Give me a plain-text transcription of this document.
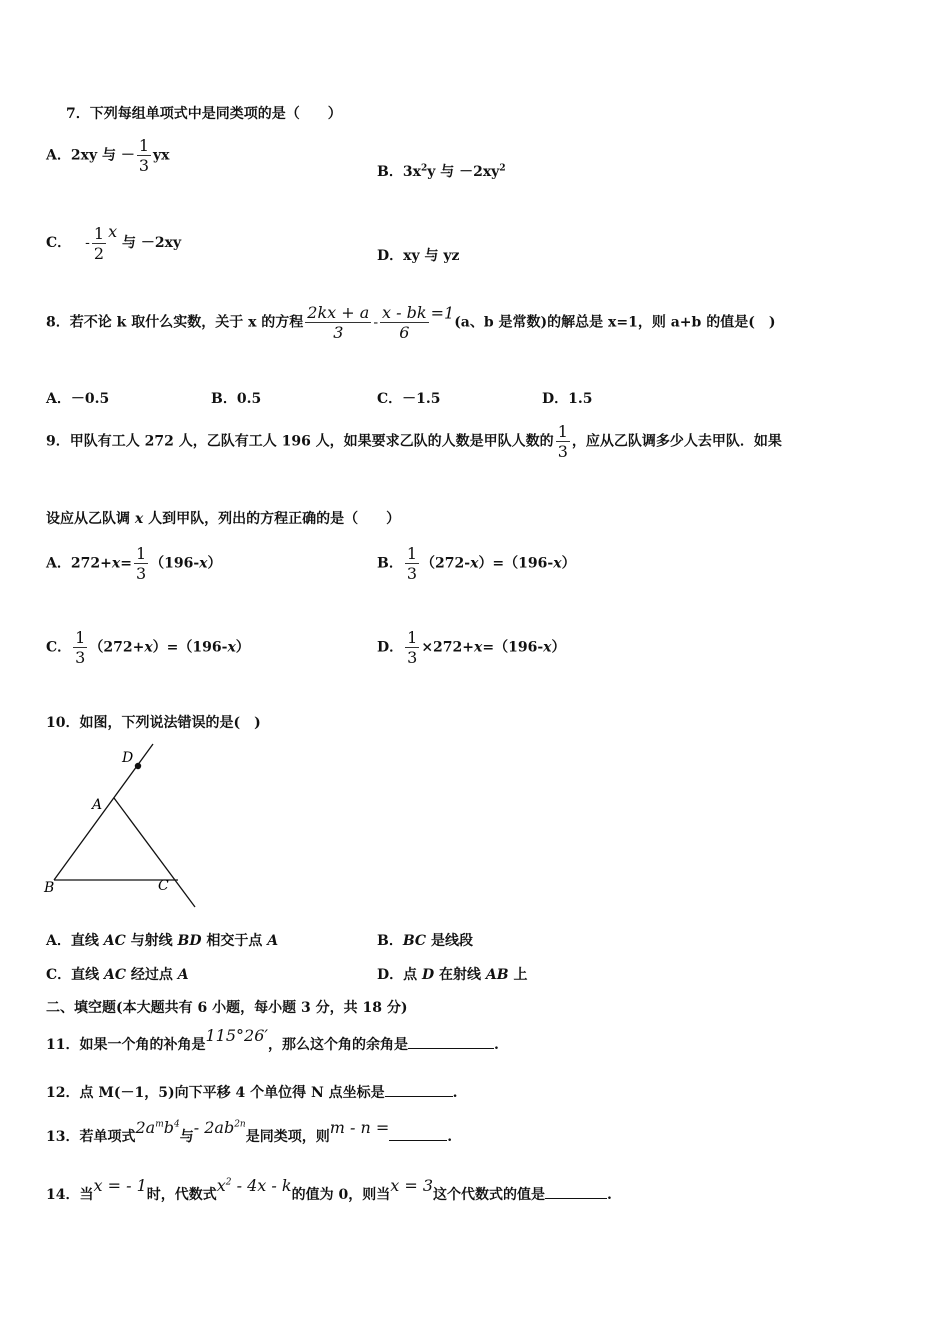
7．下列每组单项式中是同类项的是（　　）
A．2xy 与 － $\frac{1}{3}$ yx
B．$3x^2y$ 与 $-2xy^2$
C． - $\frac{1}{2}$ x 与 －2xy
D．xy 与 yz
8．若不论 k 取什么实数，关于 x 的方程 $\frac{2kx + a}{3} - \frac{x - bk}{6} =1(a$、b 是常数)的解总是 x=1，则 a+b 的值是(　)
A．－0.5	B．0.5	C．－1.5	D．1.5
9．甲队有工人 272 人，乙队有工人 196 人，如果要求乙队的人数是甲队人数的 $\frac{1}{3}$ ，应从乙队调多少人去甲队．如果
设应从乙队调 x 人到甲队，列出的方程正确的是（　　）
A．$272+x= \frac{1}{3} (196-x)$	B． $\frac{1}{3} (272-x)=(196-x)$
C． $\frac{1}{3} (272+x)=(196-x)$	D． $\frac{1}{3} \times 272+x=(196-x)$
10．如图，下列说法错误的是(　)
D
A
B	C
A．直线 AC 与射线 BD 相交于点 A	B．BC 是线段
C．直线 AC 经过点 A	D．点 D 在射线 AB 上
二、填空题(本大题共有 6 小题，每小题 3 分，共 18 分)
11．如果一个角的补角是115°26′，那么这个角的余角是	.
12．点 M(－1，5)向下平移 4 个单位得 N 点坐标是	.
13．若单项式$2a^mb^4$与- $2ab^{2n}$是同类项，则m - n =	.
14．当x = - 1时，代数式$x^2 - 4x$ - k的值为 0，则当x = 3这个代数式的值是	.
